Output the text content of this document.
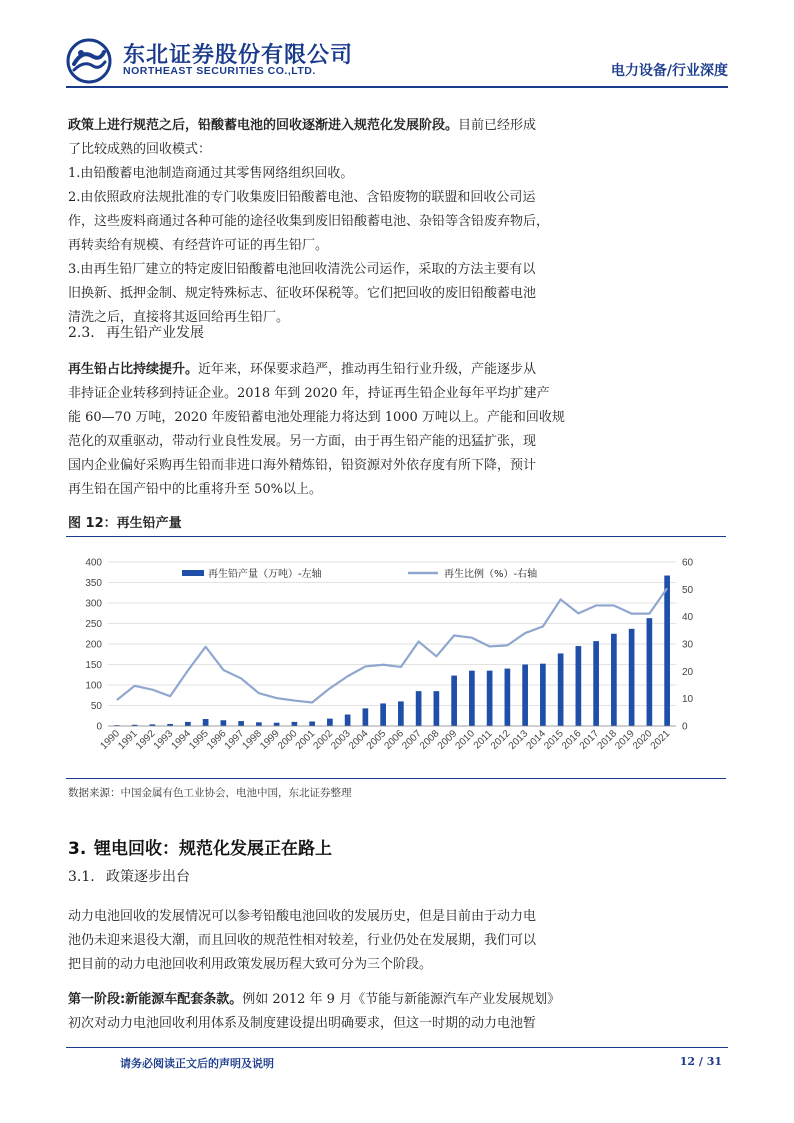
东北证券股份有限公司
NORTHEAST SECURITIES CO.,LTD.	电力设备/行业深度
政策上进行规范之后，铅酸蓄电池的回收逐渐进入规范化发展阶段。目前已经形成
了比较成熟的回收模式：
1.由铅酸蓄电池制造商通过其零售网络组织回收。
2.由依照政府法规批准的专门收集废旧铅酸蓄电池、含铅废物的联盟和回收公司运
作，这些废料商通过各种可能的途径收集到废旧铅酸蓄电池、杂铅等含铅废弃物后，
再转卖给有规模、有经营许可证的再生铅厂。
3.由再生铅厂建立的特定废旧铅酸蓄电池回收清洗公司运作，采取的方法主要有以
旧换新、抵押金制、规定特殊标志、征收环保税等。它们把回收的废旧铅酸蓄电池
清洗之后，直接将其返回给再生铅厂。
2.3. 再生铅产业发展
再生铅占比持续提升。近年来，环保要求趋严，推动再生铅行业升级，产能逐步从
非持证企业转移到持证企业。2018 年到 2020 年，持证再生铅企业每年平均扩建产
能 60—70 万吨，2020 年废铅蓄电池处理能力将达到 1000 万吨以上。产能和回收规
范化的双重驱动，带动行业良性发展。另一方面，由于再生铅产能的迅猛扩张，现
国内企业偏好采购再生铅而非进口海外精炼铅，铅资源对外依存度有所下降，预计
再生铅在国产铅中的比重将升至 50%以上。
图 12：再生铅产量
0
50
100
150
200
250
300
350
400
0
10
20
30
40
50
60
1990
1991
1992
1993
1994
1995
1996
1997
1998
1999
2000
2001
2002
2003
2004
2005
2006
2007
2008
2009
2010
2011
2012
2013
2014
2015
2016
2017
2018
2019
2020
2021
再生铅产量（万吨）-左轴	再生比例（%）-右轴
数据来源：中国金属有色工业协会，电池中国，东北证券整理
3. 锂电回收：规范化发展正在路上
3.1. 政策逐步出台
动力电池回收的发展情况可以参考铅酸电池回收的发展历史，但是目前由于动力电
池仍未迎来退役大潮，而且回收的规范性相对较差，行业仍处在发展期，我们可以
把目前的动力电池回收利用政策发展历程大致可分为三个阶段。
第一阶段:新能源车配套条款。例如 2012 年 9 月《节能与新能源汽车产业发展规划》
初次对动力电池回收利用体系及制度建设提出明确要求，但这一时期的动力电池暂
请务必阅读正文后的声明及说明	12 / 31
